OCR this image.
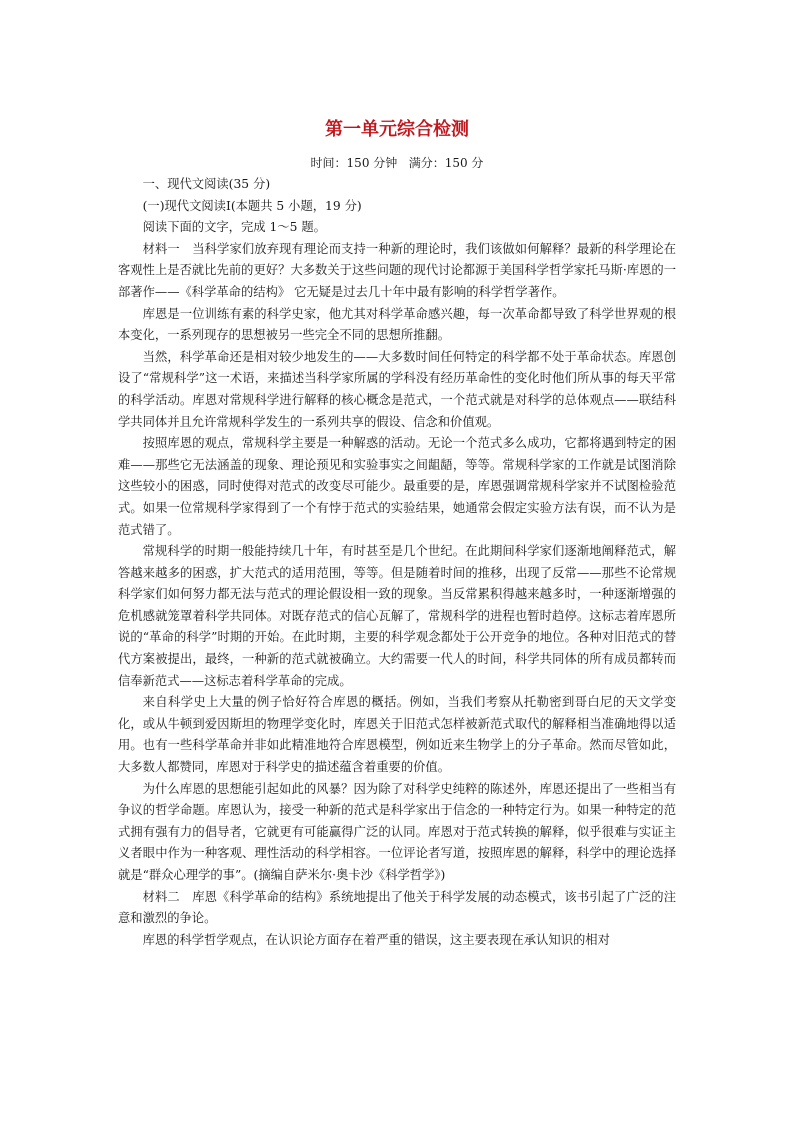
第一单元综合检测

时间：150 分钟   满分：150 分

一、现代文阅读(35 分)

(一)现代文阅读Ⅰ(本题共 5 小题，19 分)

阅读下面的文字，完成 1～5 题。

材料一　当科学家们放弃现有理论而支持一种新的理论时，我们该做如何解释？最新的科学理论在客观性上是否就比先前的更好？大多数关于这些问题的现代讨论都源于美国科学哲学家托马斯·库恩的一部著作——《科学革命的结构》 它无疑是过去几十年中最有影响的科学哲学著作。

库恩是一位训练有素的科学史家，他尤其对科学革命感兴趣，每一次革命都导致了科学世界观的根本变化，一系列现存的思想被另一些完全不同的思想所推翻。

当然，科学革命还是相对较少地发生的——大多数时间任何特定的科学都不处于革命状态。库恩创设了“常规科学”这一术语，来描述当科学家所属的学科没有经历革命性的变化时他们所从事的每天平常的科学活动。库恩对常规科学进行解释的核心概念是范式，一个范式就是对科学的总体观点——联结科学共同体并且允许常规科学发生的一系列共享的假设、信念和价值观。

按照库恩的观点，常规科学主要是一种解惑的活动。无论一个范式多么成功，它都将遇到特定的困难——那些它无法涵盖的现象、理论预见和实验事实之间龃龉，等等。常规科学家的工作就是试图消除这些较小的困惑，同时使得对范式的改变尽可能少。最重要的是，库恩强调常规科学家并不试图检验范式。如果一位常规科学家得到了一个有悖于范式的实验结果，她通常会假定实验方法有误，而不认为是范式错了。

常规科学的时期一般能持续几十年，有时甚至是几个世纪。在此期间科学家们逐渐地阐释范式，解答越来越多的困惑，扩大范式的适用范围，等等。但是随着时间的推移，出现了反常——那些不论常规科学家们如何努力都无法与范式的理论假设相一致的现象。当反常累积得越来越多时，一种逐渐增强的危机感就笼罩着科学共同体。对既存范式的信心瓦解了，常规科学的进程也暂时趋停。这标志着库恩所说的“革命的科学”时期的开始。在此时期，主要的科学观念都处于公开竞争的地位。各种对旧范式的替代方案被提出，最终，一种新的范式就被确立。大约需要一代人的时间，科学共同体的所有成员都转而信奉新范式——这标志着科学革命的完成。

来自科学史上大量的例子恰好符合库恩的概括。例如，当我们考察从托勒密到哥白尼的天文学变化，或从牛顿到爱因斯坦的物理学变化时，库恩关于旧范式怎样被新范式取代的解释相当准确地得以适用。也有一些科学革命并非如此精准地符合库恩模型，例如近来生物学上的分子革命。然而尽管如此，大多数人都赞同，库恩对于科学史的描述蕴含着重要的价值。

为什么库恩的思想能引起如此的风暴？因为除了对科学史纯粹的陈述外，库恩还提出了一些相当有争议的哲学命题。库恩认为，接受一种新的范式是科学家出于信念的一种特定行为。如果一种特定的范式拥有强有力的倡导者，它就更有可能赢得广泛的认同。库恩对于范式转换的解释，似乎很难与实证主义者眼中作为一种客观、理性活动的科学相容。一位评论者写道，按照库恩的解释，科学中的理论选择就是“群众心理学的事”。(摘编自萨米尔·奥卡沙《科学哲学》)

材料二　库恩《科学革命的结构》系统地提出了他关于科学发展的动态模式，该书引起了广泛的注意和激烈的争论。

库恩的科学哲学观点，在认识论方面存在着严重的错误，这主要表现在承认知识的相对
